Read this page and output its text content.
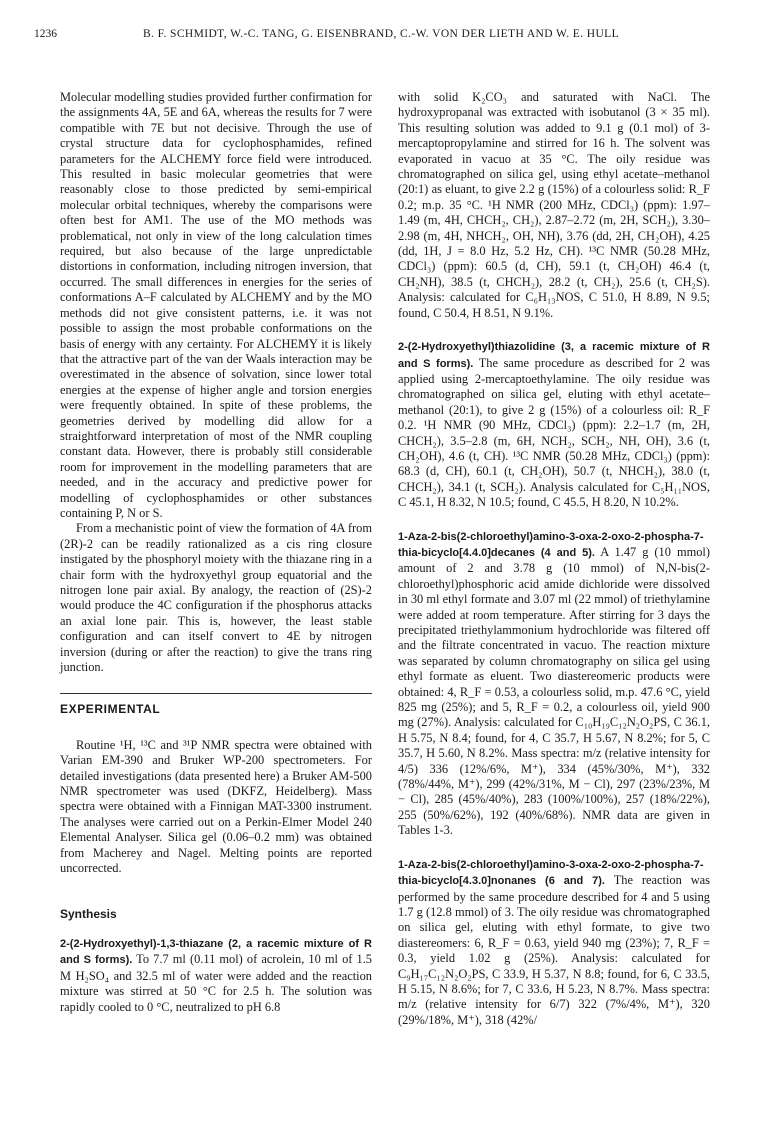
1236	B. F. SCHMIDT, W.-C. TANG, G. EISENBRAND, C.-W. VON DER LIETH AND W. E. HULL

Molecular modelling studies provided further confirmation for the assignments 4A, 5E and 6A, whereas the results for 7 were compatible with 7E but not decisive. Through the use of crystal structure data for cyclophosphamides, refined parameters for the ALCHEMY force field were introduced. This resulted in basic molecular geometries that were reasonably close to those predicted by semi-empirical molecular orbital techniques, whereby the comparisons were often best for AM1. The use of the MO methods was problematical, not only in view of the long calculation times required, but also because of the large unpredictable distortions in conformation, including nitrogen inversion, that occurred. The small differences in energies for the series of conformations A–F calculated by ALCHEMY and by the MO methods did not give consistent patterns, i.e. it was not possible to assign the most probable conformations on the basis of energy with any certainty. For ALCHEMY it is likely that the attractive part of the van der Waals interaction may be overestimated in the absence of solvation, since lower total energies at the expense of higher angle and torsion energies were frequently obtained. In spite of these problems, the geometries derived by modelling did allow for a straightforward interpretation of most of the NMR coupling constant data. However, there is probably still considerable room for improvement in the modelling parameters that are needed, and in the accuracy and predictive power for modelling of cyclophosphamides or other substances containing P, N or S.

From a mechanistic point of view the formation of 4A from (2R)-2 can be readily rationalized as a cis ring closure instigated by the phosphoryl moiety with the thiazane ring in a chair form with the hydroxyethyl group equatorial and the nitrogen lone pair axial. By analogy, the reaction of (2S)-2 would produce the 4C configuration if the phosphorus attacks an axial lone pair. This is, however, the least stable configuration and can itself convert to 4E by nitrogen inversion (during or after the reaction) to give the trans ring junction.

EXPERIMENTAL

Routine ¹H, ¹³C and ³¹P NMR spectra were obtained with Varian EM-390 and Bruker WP-200 spectrometers. For detailed investigations (data presented here) a Bruker AM-500 NMR spectrometer was used (DKFZ, Heidelberg). Mass spectra were obtained with a Finnigan MAT-3300 instrument. The analyses were carried out on a Perkin-Elmer Model 240 Elemental Analyser. Silica gel (0.06–0.2 mm) was obtained from Macherey and Nagel. Melting points are reported uncorrected.

Synthesis

2-(2-Hydroxyethyl)-1,3-thiazane (2, a racemic mixture of R and S forms). To 7.7 ml (0.11 mol) of acrolein, 10 ml of 1.5 M H₂SO₄ and 32.5 ml of water were added and the reaction mixture was stirred at 50 °C for 2.5 h. The solution was rapidly cooled to 0 °C, neutralized to pH 6.8

with solid K₂CO₃ and saturated with NaCl. The hydroxypropanal was extracted with isobutanol (3 × 35 ml). This resulting solution was added to 9.1 g (0.1 mol) of 3-mercaptopropylamine and stirred for 16 h. The solvent was evaporated in vacuo at 35 °C. The oily residue was chromatographed on silica gel, using ethyl acetate–methanol (20:1) as eluant, to give 2.2 g (15%) of a colourless solid: R_F 0.2; m.p. 35 °C. ¹H NMR (200 MHz, CDCl₃) (ppm): 1.97–1.49 (m, 4H, CHCH₂, CH₂), 2.87–2.72 (m, 2H, SCH₂), 3.30–2.98 (m, 4H, NHCH₂, OH, NH), 3.76 (dd, 2H, CH₂OH), 4.25 (dd, 1H, J = 8.0 Hz, 5.2 Hz, CH). ¹³C NMR (50.28 MHz, CDCl₃) (ppm): 60.5 (d, CH), 59.1 (t, CH₂OH) 46.4 (t, CH₂NH), 38.5 (t, CHCH₂), 28.2 (t, CH₂), 25.6 (t, CH₂S). Analysis: calculated for C₆H₁₃NOS, C 51.0, H 8.89, N 9.5; found, C 50.4, H 8.51, N 9.1%.

2-(2-Hydroxyethyl)thiazolidine (3, a racemic mixture of R and S forms). The same procedure as described for 2 was applied using 2-mercaptoethylamine. The oily residue was chromatographed on silica gel, eluting with ethyl acetate–methanol (20:1), to give 2 g (15%) of a colourless oil: R_F 0.2. ¹H NMR (90 MHz, CDCl₃) (ppm): 2.2–1.7 (m, 2H, CHCH₂), 3.5–2.8 (m, 6H, NCH₂, SCH₂, NH, OH), 3.6 (t, CH₂OH), 4.6 (t, CH). ¹³C NMR (50.28 MHz, CDCl₃) (ppm): 68.3 (d, CH), 60.1 (t, CH₂OH), 50.7 (t, NHCH₂), 38.0 (t, CHCH₂), 34.1 (t, SCH₂). Analysis calculated for C₅H₁₁NOS, C 45.1, H 8.32, N 10.5; found, C 45.5, H 8.20, N 10.2%.

1-Aza-2-bis(2-chloroethyl)amino-3-oxa-2-oxo-2-phospha-7-thia-bicyclo[4.4.0]decanes (4 and 5). A 1.47 g (10 mmol) amount of 2 and 3.78 g (10 mmol) of N,N-bis(2-chloroethyl)phosphoric acid amide dichloride were dissolved in 30 ml ethyl formate and 3.07 ml (22 mmol) of triethylamine were added at room temperature. After stirring for 3 days the precipitated triethylammonium hydrochloride was filtered off and the filtrate concentrated in vacuo. The reaction mixture was separated by column chromatography on silica gel using ethyl formate as eluent. Two diastereomeric products were obtained: 4, R_F = 0.53, a colourless solid, m.p. 47.6 °C, yield 825 mg (25%); and 5, R_F = 0.2, a colourless oil, yield 900 mg (27%). Analysis: calculated for C₁₀H₁₉C₁₂N₂O₂PS, C 36.1, H 5.75, N 8.4; found, for 4, C 35.7, H 5.67, N 8.2%; for 5, C 35.7, H 5.60, N 8.2%. Mass spectra: m/z (relative intensity for 4/5) 336 (12%/6%, M⁺), 334 (45%/30%, M⁺), 332 (78%/44%, M⁺), 299 (42%/31%, M − Cl), 297 (23%/23%, M − Cl), 285 (45%/40%), 283 (100%/100%), 257 (18%/22%), 255 (50%/62%), 192 (40%/68%). NMR data are given in Tables 1-3.

1-Aza-2-bis(2-chloroethyl)amino-3-oxa-2-oxo-2-phospha-7-thia-bicyclo[4.3.0]nonanes (6 and 7). The reaction was performed by the same procedure described for 4 and 5 using 1.7 g (12.8 mmol) of 3. The oily residue was chromatographed on silica gel, eluting with ethyl formate, to give two diastereomers: 6, R_F = 0.63, yield 940 mg (23%); 7, R_F = 0.3, yield 1.02 g (25%). Analysis: calculated for C₉H₁₇C₁₂N₂O₂PS, C 33.9, H 5.37, N 8.8; found, for 6, C 33.5, H 5.15, N 8.6%; for 7, C 33.6, H 5.23, N 8.7%. Mass spectra: m/z (relative intensity for 6/7) 322 (7%/4%, M⁺), 320 (29%/18%, M⁺), 318 (42%/
